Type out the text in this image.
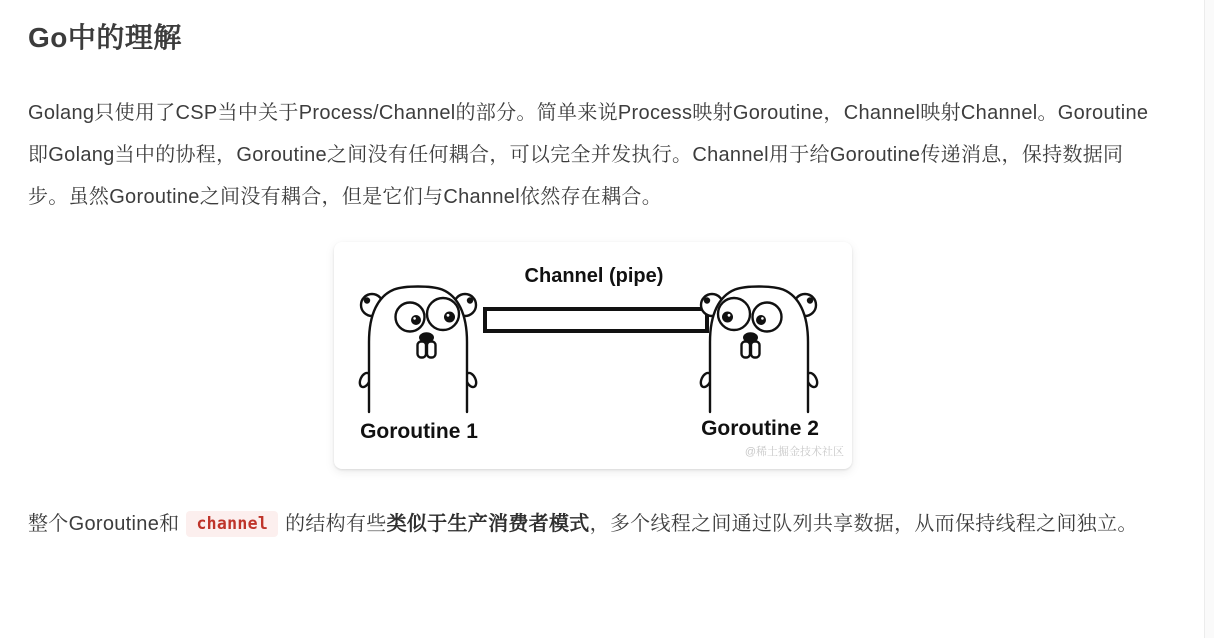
Go中的理解

Golang只使用了CSP当中关于Process/Channel的部分。简单来说Process映射Goroutine，Channel映射Channel。Goroutine即Golang当中的协程，Goroutine之间没有任何耦合，可以完全并发执行。Channel用于给Goroutine传递消息，保持数据同步。虽然Goroutine之间没有耦合，但是它们与Channel依然存在耦合。

Channel (pipe)
Goroutine 1	Goroutine 2
@稀土掘金技术社区

整个Goroutine和 channel 的结构有些类似于生产消费者模式，多个线程之间通过队列共享数据，从而保持线程之间独立。
